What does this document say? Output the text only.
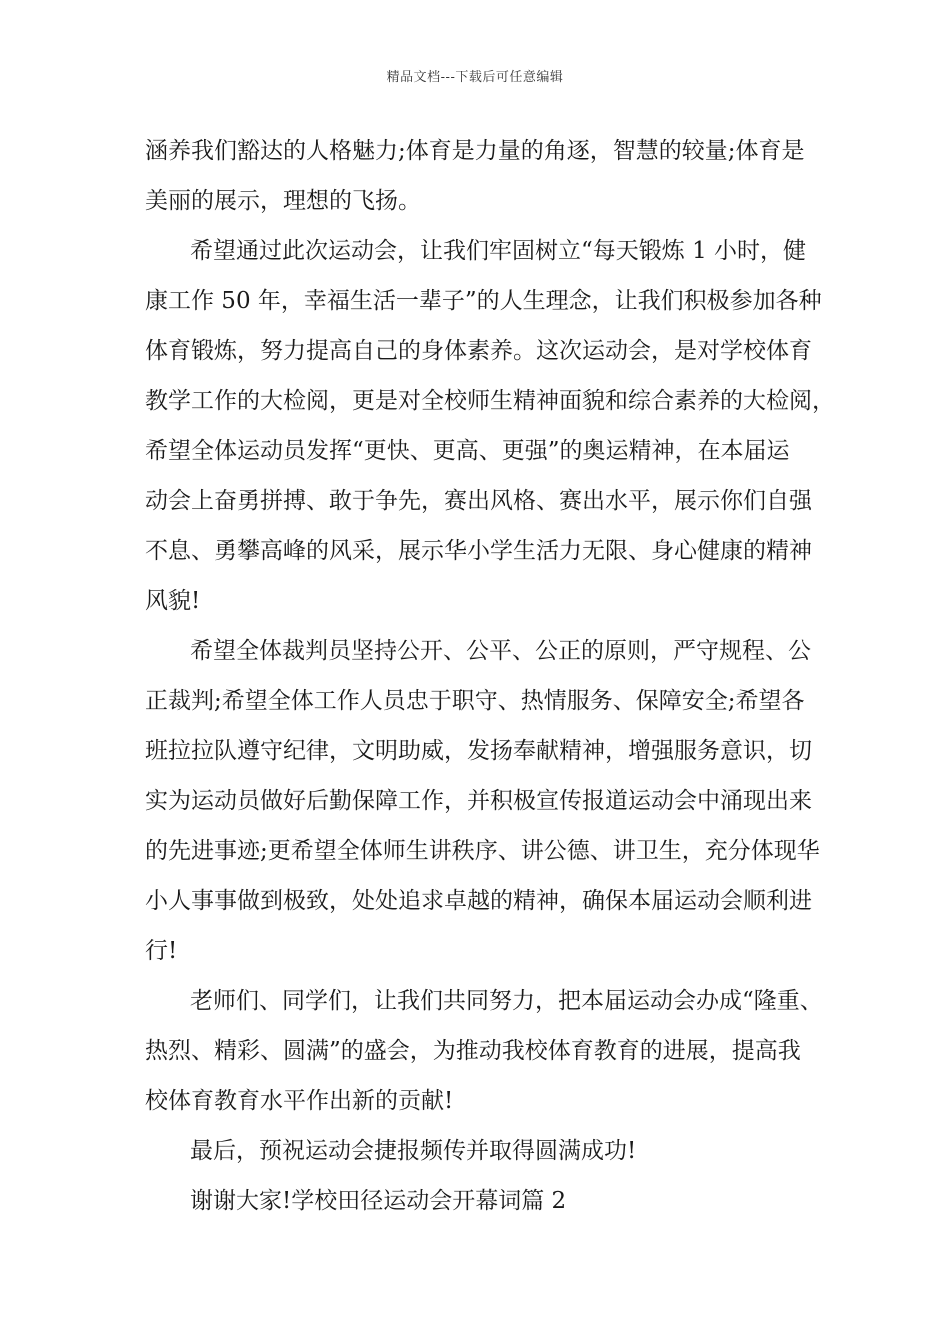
精品文档---下载后可任意编辑
涵养我们豁达的人格魅力;体育是力量的角逐，智慧的较量;体育是
美丽的展示，理想的飞扬。
希望通过此次运动会，让我们牢固树立“每天锻炼 1 小时，健
康工作 50 年，幸福生活一辈子”的人生理念，让我们积极参加各种
体育锻炼，努力提高自己的身体素养。这次运动会，是对学校体育
教学工作的大检阅，更是对全校师生精神面貌和综合素养的大检阅，
希望全体运动员发挥“更快、更高、更强”的奥运精神，在本届运
动会上奋勇拼搏、敢于争先，赛出风格、赛出水平，展示你们自强
不息、勇攀高峰的风采，展示华小学生活力无限、身心健康的精神
风貌!
希望全体裁判员坚持公开、公平、公正的原则，严守规程、公
正裁判;希望全体工作人员忠于职守、热情服务、保障安全;希望各
班拉拉队遵守纪律，文明助威，发扬奉献精神，增强服务意识，切
实为运动员做好后勤保障工作，并积极宣传报道运动会中涌现出来
的先进事迹;更希望全体师生讲秩序、讲公德、讲卫生，充分体现华
小人事事做到极致，处处追求卓越的精神，确保本届运动会顺利进
行!
老师们、同学们，让我们共同努力，把本届运动会办成“隆重、
热烈、精彩、圆满”的盛会，为推动我校体育教育的进展，提高我
校体育教育水平作出新的贡献!
最后，预祝运动会捷报频传并取得圆满成功!
谢谢大家!学校田径运动会开幕词篇 2
